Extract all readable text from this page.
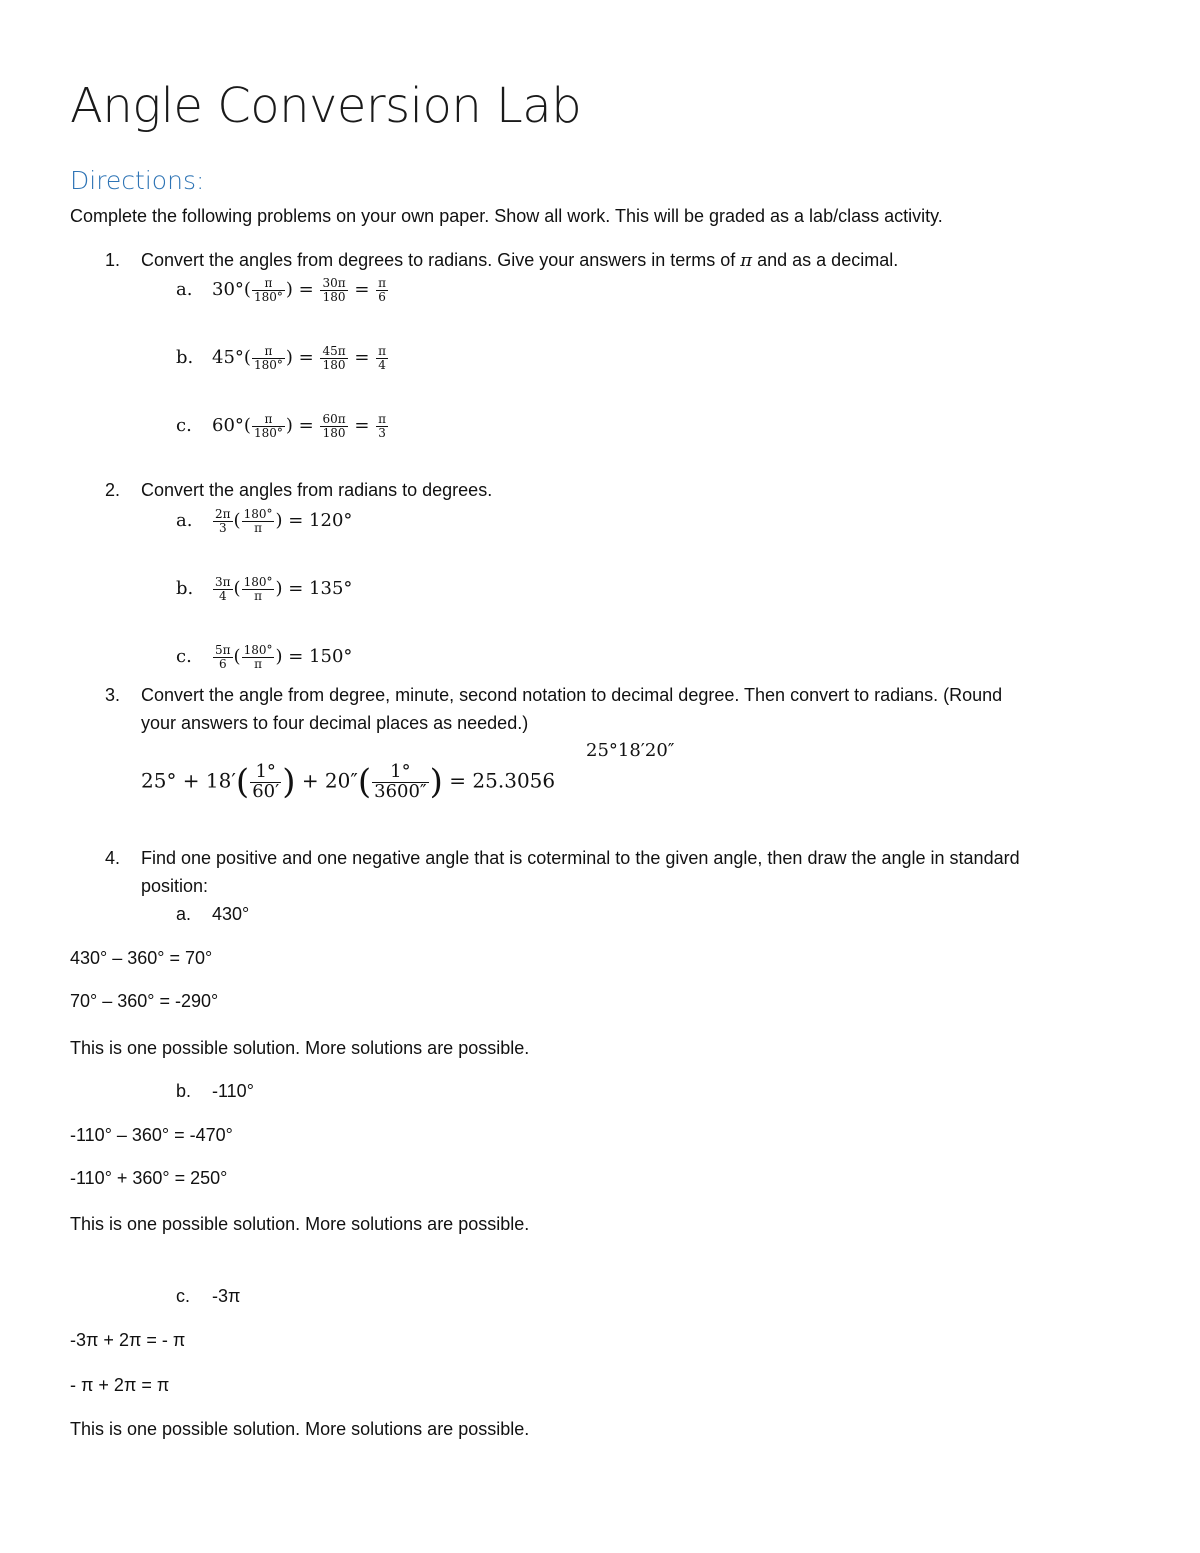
Angle Conversion Lab
Directions:
Complete the following problems on your own paper. Show all work. This will be graded as a lab/class activity.
1. Convert the angles from degrees to radians. Give your answers in terms of π and as a decimal.
a. $30^\circ( \frac{\pi}{180^\circ}$ ) = $\frac{30\pi}{180} = \frac{\pi}{6}$
b. $45^\circ( \frac{\pi}{180^\circ}$ ) = $\frac{45\pi}{180} = \frac{\pi}{4}$
c. $60^\circ( \frac{\pi}{180^\circ}$ ) = $\frac{60\pi}{180} = \frac{\pi}{3}$
2. Convert the angles from radians to degrees.
a. $\frac{2\pi}{3}$ ( $\frac{180^\circ}{\pi}$ ) = 120°
b. $\frac{3\pi}{4}$ ( $\frac{180^\circ}{\pi}$ ) = 135°
c. $\frac{5\pi}{6}$ ( $\frac{180^\circ}{\pi}$ ) = 150°
3. Convert the angle from degree, minute, second notation to decimal degree. Then convert to radians. (Round
your answers to four decimal places as needed.)
25°18′20″
$25^\circ + 18'( \frac{1^\circ}{60'}$ ) + $20''( \frac{1^\circ}{3600''}$ ) = 25.3056
4. Find one positive and one negative angle that is coterminal to the given angle, then draw the angle in standard
position:
a. 430°
430° – 360° = 70°
70° – 360° = -290°
This is one possible solution. More solutions are possible.
b. -110°
-110° – 360° = -470°
-110° + 360° = 250°
This is one possible solution. More solutions are possible.
c. -3π
-3π + 2π = - π
- π + 2π = π
This is one possible solution. More solutions are possible.
